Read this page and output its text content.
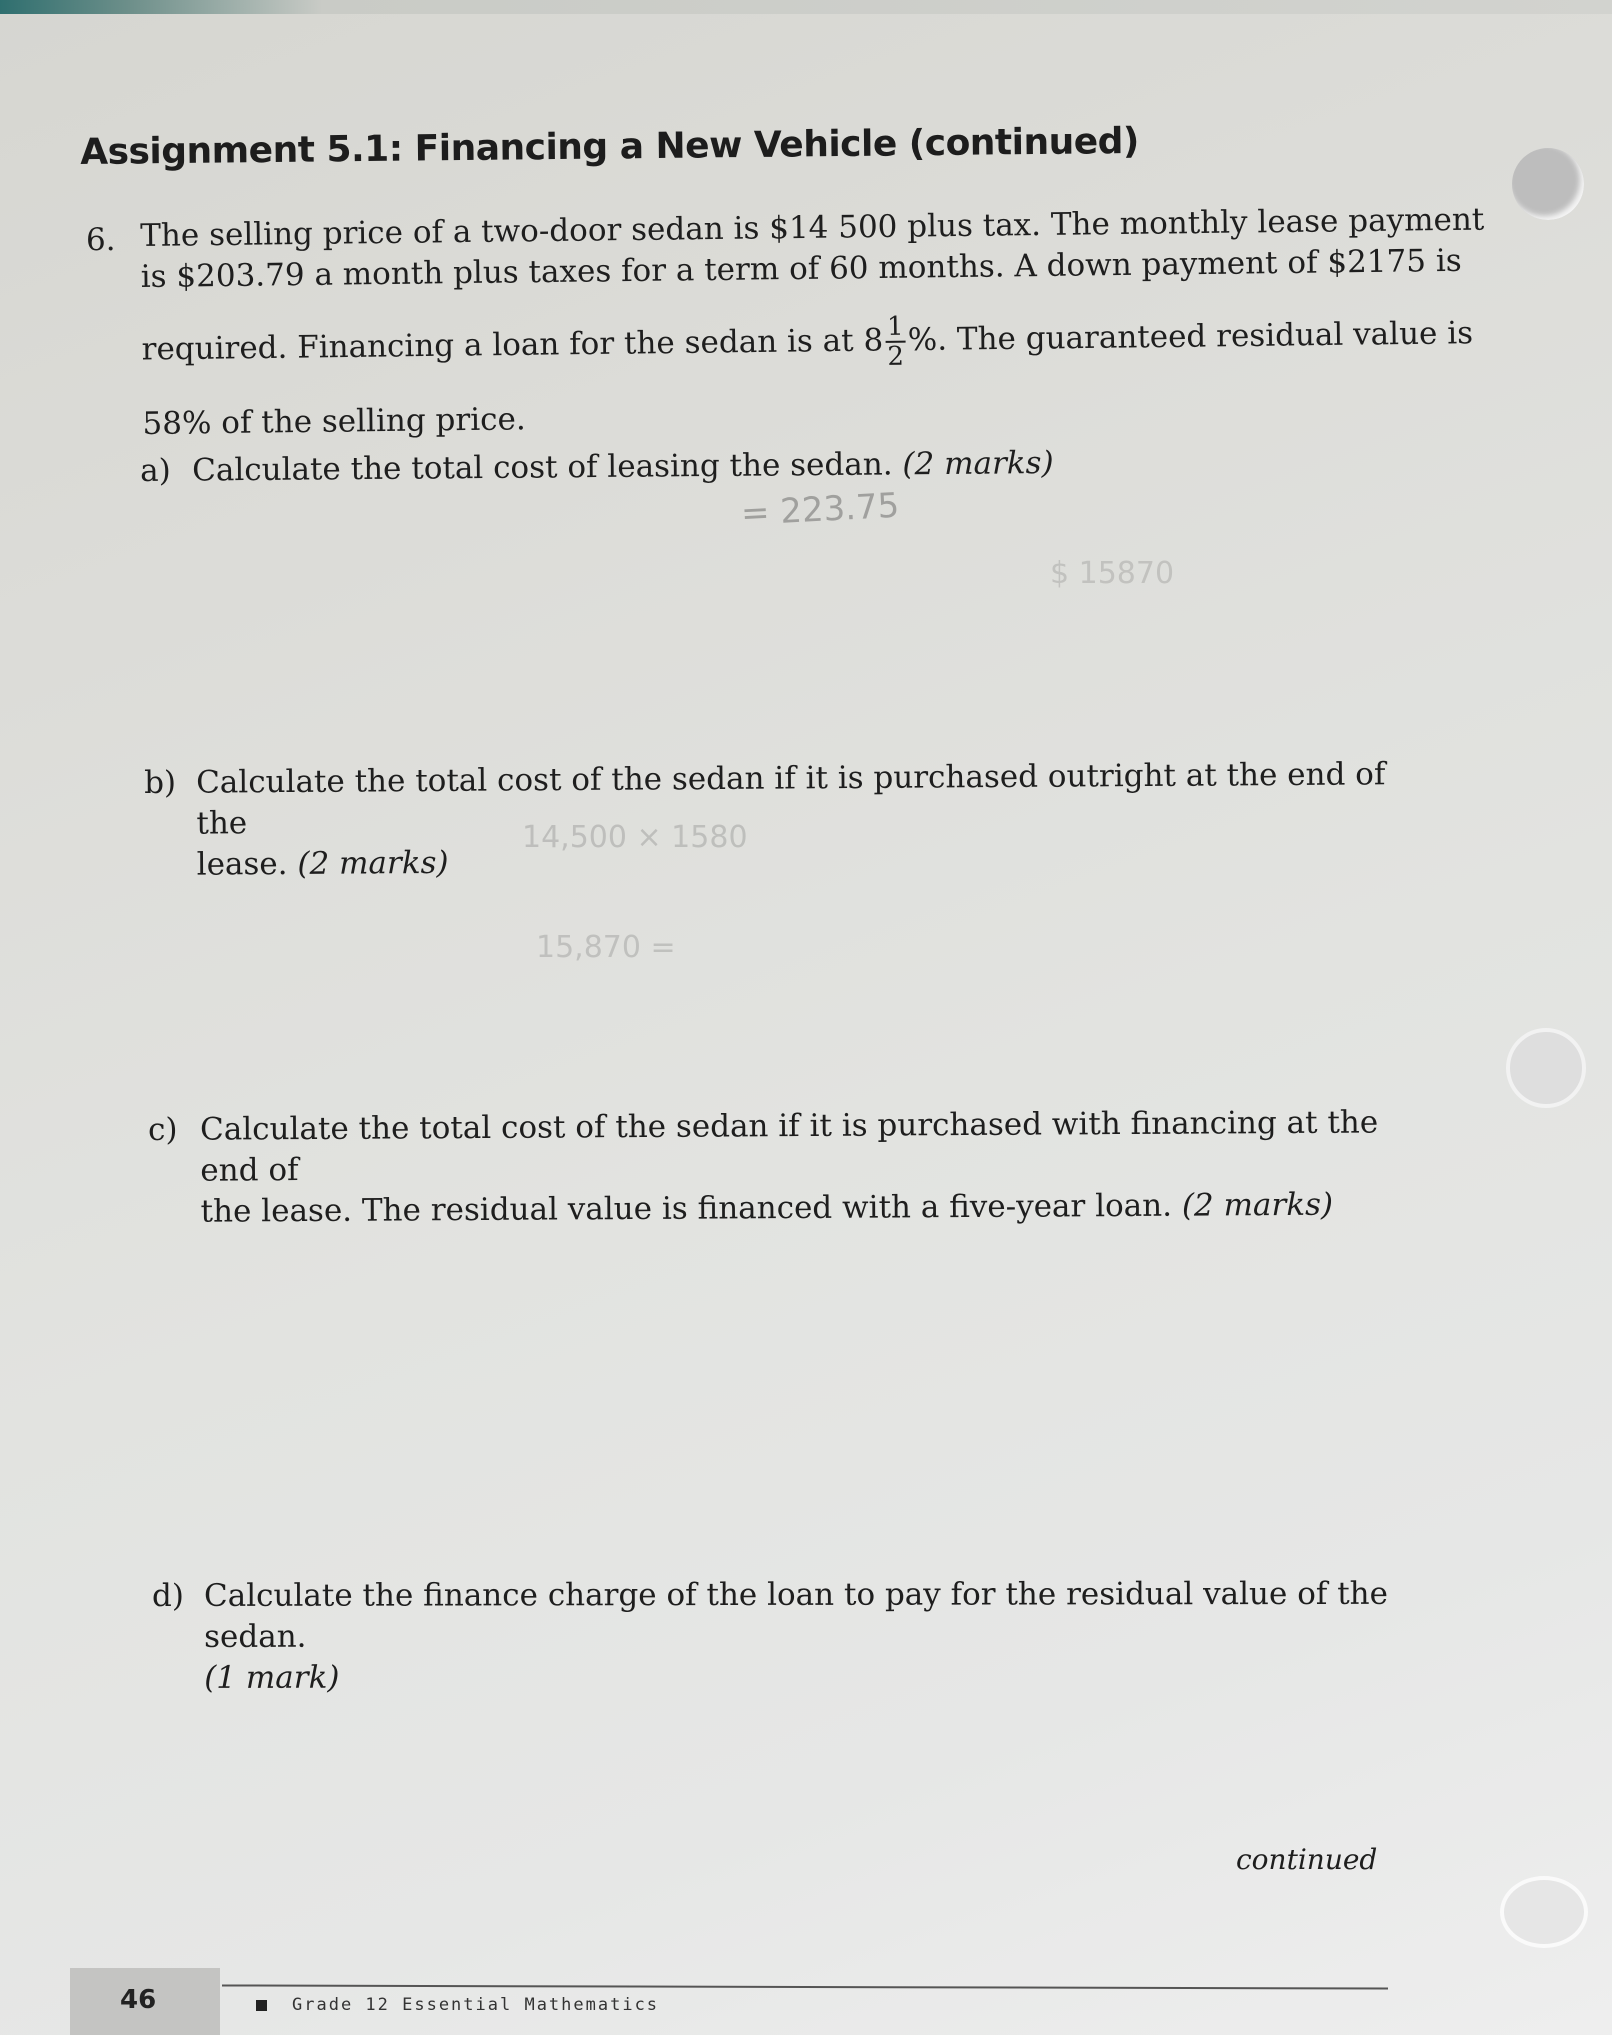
Assignment 5.1: Financing a New Vehicle (continued)
6. The selling price of a two-door sedan is $14 500 plus tax. The monthly lease payment
is $203.79 a month plus taxes for a term of 60 months. A down payment of $2175 is
required. Financing a loan for the sedan is at $8 \frac{1}{2}$ %. The guaranteed residual value is
58% of the selling price.
a) Calculate the total cost of leasing the sedan. (2 marks)
= 223.75
$ 15870
b) Calculate the total cost of the sedan if it is purchased outright at the end of the
lease. (2 marks)
14,500 × 1580
15,870 =
c) Calculate the total cost of the sedan if it is purchased with financing at the end of
the lease. The residual value is financed with a five-year loan. (2 marks)
d) Calculate the finance charge of the loan to pay for the residual value of the sedan.
(1 mark)
continued
46	Grade 12 Essential Mathematics
